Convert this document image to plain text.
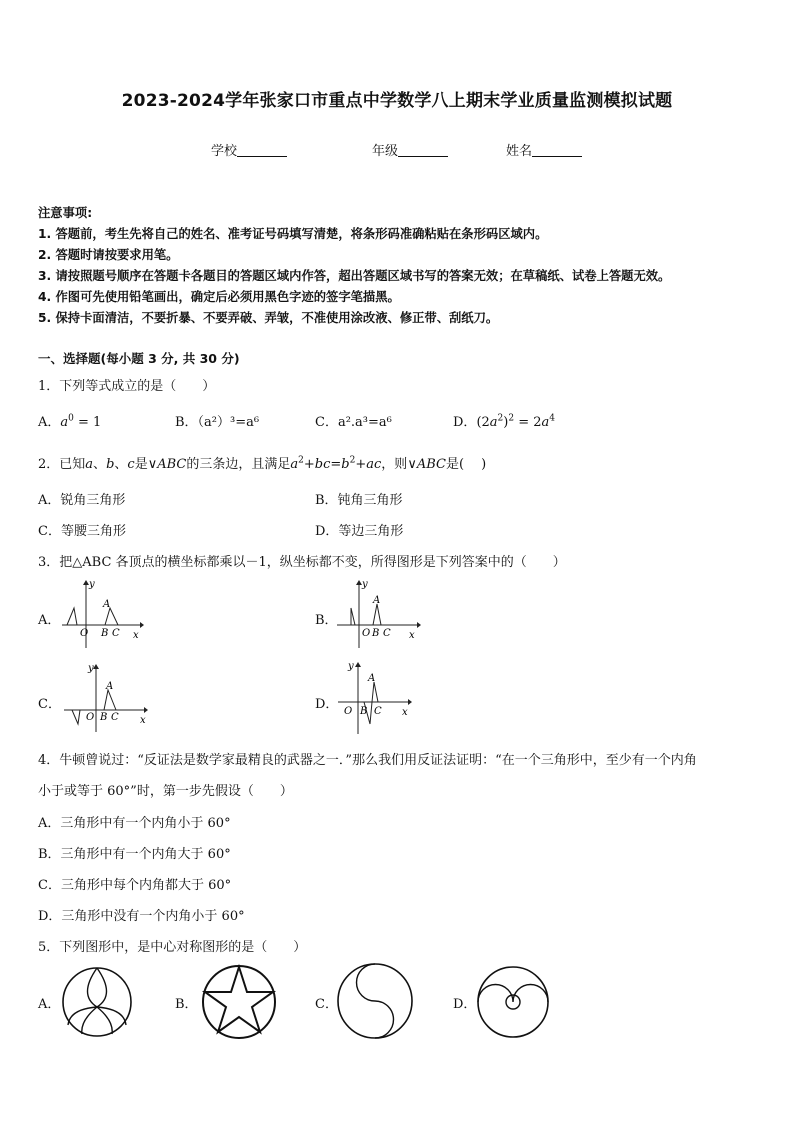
2023-2024学年张家口市重点中学数学八上期末学业质量监测模拟试题
学校	年级	姓名
注意事项:
1. 答题前，考生先将自己的姓名、准考证号码填写清楚，将条形码准确粘贴在条形码区域内。
2. 答题时请按要求用笔。
3. 请按照题号顺序在答题卡各题目的答题区域内作答，超出答题区域书写的答案无效；在草稿纸、试卷上答题无效。
4. 作图可先使用铅笔画出，确定后必须用黑色字迹的签字笔描黑。
5. 保持卡面清洁，不要折暴、不要弄破、弄皱，不准使用涂改液、修正带、刮纸刀。
一、选择题(每小题 3 分, 共 30 分)
1．下列等式成立的是（　　）
A．$a^0 = 1$	B．（a²）³=a⁶	C．a².a³=a⁶	D．$(2a^2)^2 = 2a^4$
2．已知a、b、c是∨ABC的三条边，且满足$a^2+bc=b^2+ac$，则∨ABC是(　 )
A．锐角三角形	B．钝角三角形
C．等腰三角形	D．等边三角形
3．把△ABC 各顶点的横坐标都乘以－1，纵坐标都不变，所得图形是下列答案中的（　　）
A．	B．
C．	D．
y
O B C
A
x
y
O B C
A
x
y
O B C
A
x
y
O B C
A
x
4．牛顿曾说过：“反证法是数学家最精良的武器之一．”那么我们用反证法证明：“在一个三角形中，至少有一个内角
小于或等于 60°”时，第一步先假设（　　）
A．三角形中有一个内角小于 60°
B．三角形中有一个内角大于 60°
C．三角形中每个内角都大于 60°
D．三角形中没有一个内角小于 60°
5．下列图形中，是中心对称图形的是（　　）
A．	B．	C．	D．
